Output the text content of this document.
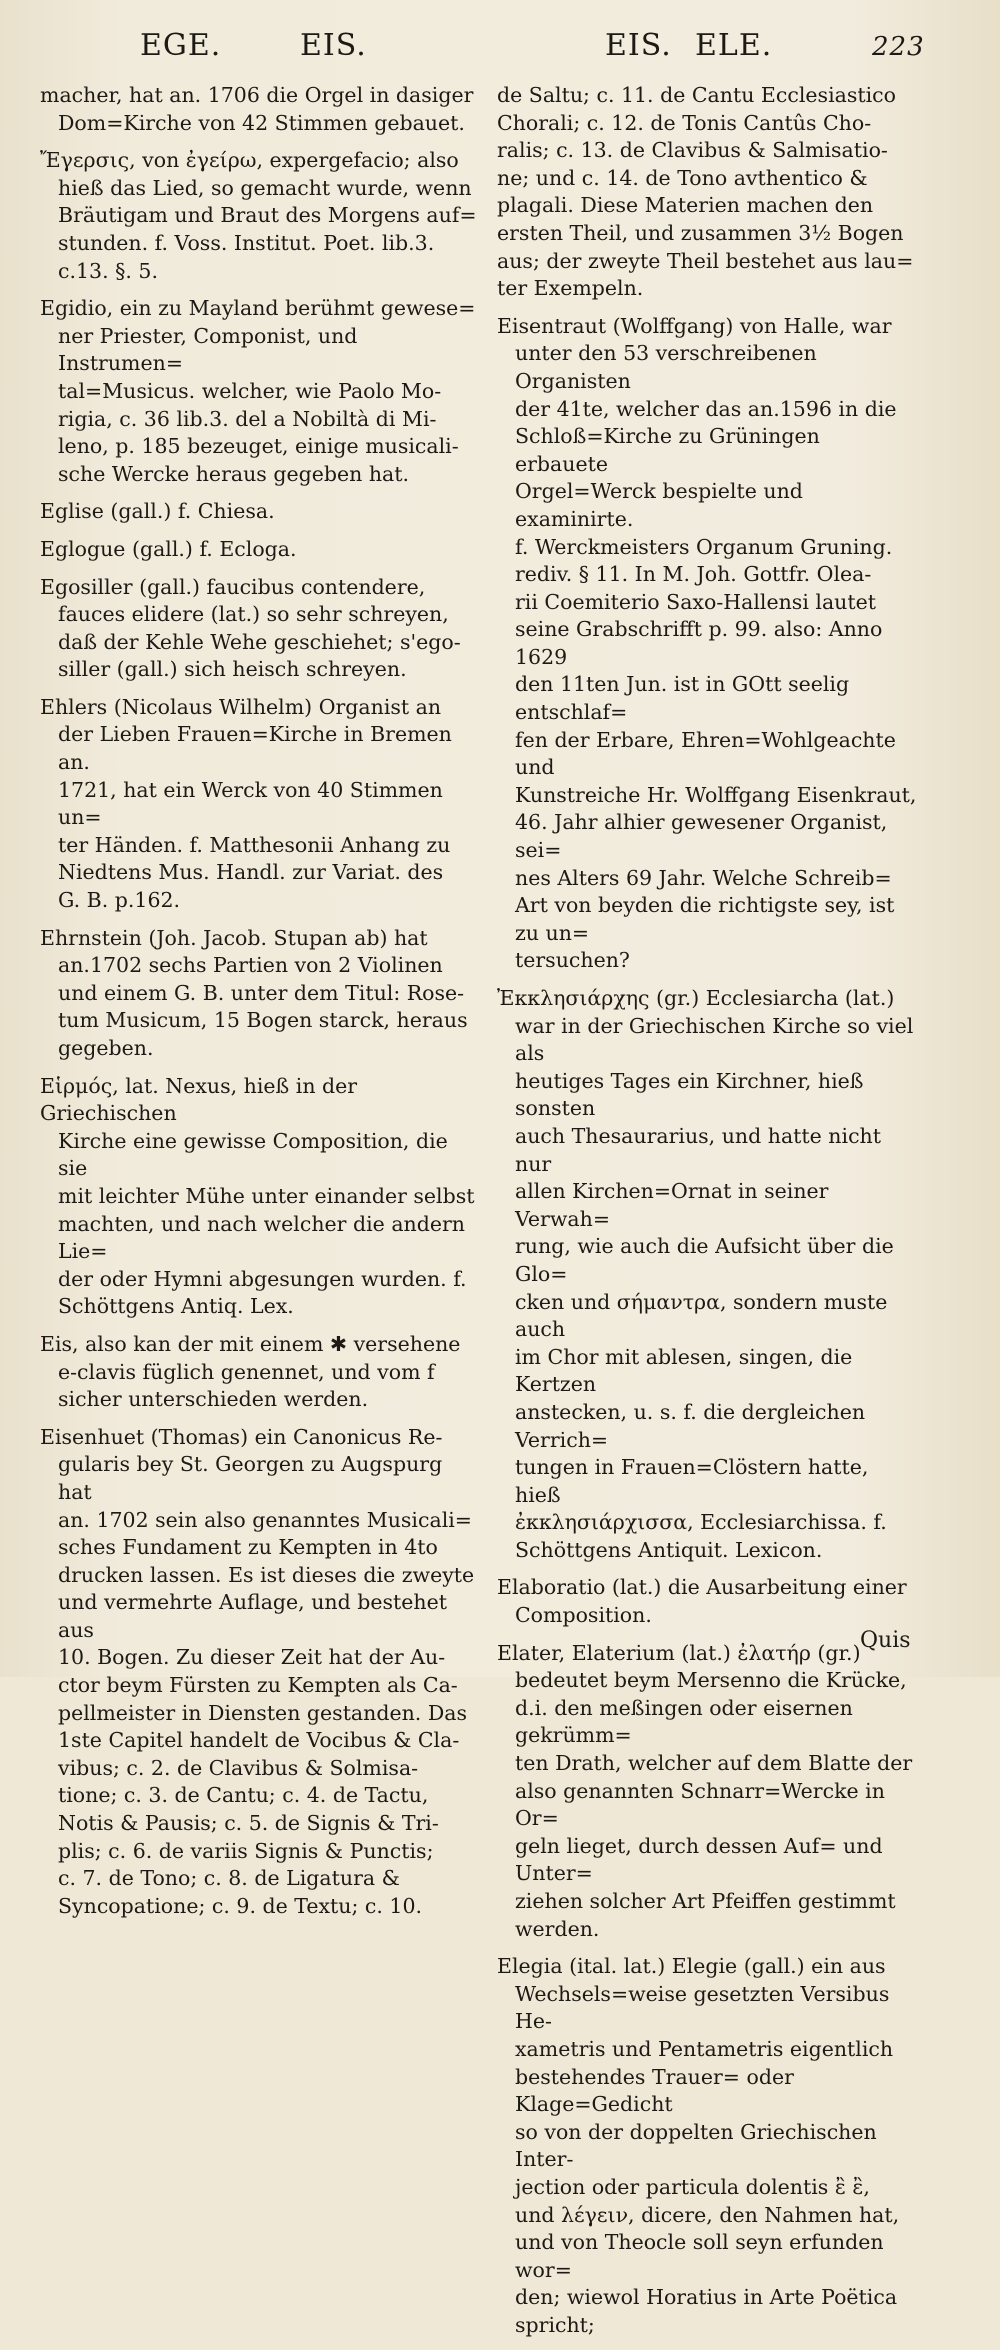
EGE.	EIS.	EIS. ELE.	223

macher, hat an. 1706 die Orgel in dasiger

Dom=Kirche von 42 Stimmen gebauet.

Ἔγερσις, von ἐγείρω, expergefacio; also

hieß das Lied, so gemacht wurde, wenn

Bräutigam und Braut des Morgens auf=

stunden. f. Voss. Institut. Poet. lib.3.

c.13. §. 5.

Egidio, ein zu Mayland berühmt gewese=

ner Priester, Componist, und Instrumen=

tal=Musicus. welcher, wie Paolo Mo-

rigia, c. 36 lib.3. del a Nobiltà di Mi-

leno, p. 185 bezeuget, einige musicali-

sche Wercke heraus gegeben hat.

Eglise (gall.) f. Chiesa.

Eglogue (gall.) f. Ecloga.

Egosiller (gall.) faucibus contendere,

fauces elidere (lat.) so sehr schreyen,

daß der Kehle Wehe geschiehet; s'ego-

siller (gall.) sich heisch schreyen.

Ehlers (Nicolaus Wilhelm) Organist an

der Lieben Frauen=Kirche in Bremen an.

1721, hat ein Werck von 40 Stimmen un=

ter Händen. f. Matthesonii Anhang zu

Niedtens Mus. Handl. zur Variat. des

G. B. p.162.

Ehrnstein (Joh. Jacob. Stupan ab) hat

an.1702 sechs Partien von 2 Violinen

und einem G. B. unter dem Titul: Rose-

tum Musicum, 15 Bogen starck, heraus

gegeben.

Εἱρμός, lat. Nexus, hieß in der Griechischen

Kirche eine gewisse Composition, die sie

mit leichter Mühe unter einander selbst

machten, und nach welcher die andern Lie=

der oder Hymni abgesungen wurden. f.

Schöttgens Antiq. Lex.

Eis, also kan der mit einem ✱ versehene

e-clavis füglich genennet, und vom f

sicher unterschieden werden.

Eisenhuet (Thomas) ein Canonicus Re-

gularis bey St. Georgen zu Augspurg hat

an. 1702 sein also genanntes Musicali=

sches Fundament zu Kempten in 4to

drucken lassen. Es ist dieses die zweyte

und vermehrte Auflage, und bestehet aus

10. Bogen. Zu dieser Zeit hat der Au-

ctor beym Fürsten zu Kempten als Ca-

pellmeister in Diensten gestanden. Das

1ste Capitel handelt de Vocibus & Cla-

vibus; c. 2. de Clavibus & Solmisa-

tione; c. 3. de Cantu; c. 4. de Tactu,

Notis & Pausis; c. 5. de Signis & Tri-

plis; c. 6. de variis Signis & Punctis;

c. 7. de Tono; c. 8. de Ligatura &

Syncopatione; c. 9. de Textu; c. 10.

de Saltu; c. 11. de Cantu Ecclesiastico

Chorali; c. 12. de Tonis Cantûs Cho-

ralis; c. 13. de Clavibus & Salmisatio-

ne; und c. 14. de Tono avthentico &

plagali. Diese Materien machen den

ersten Theil, und zusammen 3½ Bogen

aus; der zweyte Theil bestehet aus lau=

ter Exempeln.

Eisentraut (Wolffgang) von Halle, war

unter den 53 verschreibenen Organisten

der 41te, welcher das an.1596 in die

Schloß=Kirche zu Grüningen erbauete

Orgel=Werck bespielte und examinirte.

f. Werckmeisters Organum Gruning.

rediv. § 11. In M. Joh. Gottfr. Olea-

rii Coemiterio Saxo-Hallensi lautet

seine Grabschrifft p. 99. also: Anno 1629

den 11ten Jun. ist in GOtt seelig entschlaf=

fen der Erbare, Ehren=Wohlgeachte und

Kunstreiche Hr. Wolffgang Eisenkraut,

46. Jahr alhier gewesener Organist, sei=

nes Alters 69 Jahr. Welche Schreib=

Art von beyden die richtigste sey, ist zu un=

tersuchen?

Ἐκκλησιάρχης (gr.) Ecclesiarcha (lat.)

war in der Griechischen Kirche so viel als

heutiges Tages ein Kirchner, hieß sonsten

auch Thesaurarius, und hatte nicht nur

allen Kirchen=Ornat in seiner Verwah=

rung, wie auch die Aufsicht über die Glo=

cken und σήμαντρα, sondern muste auch

im Chor mit ablesen, singen, die Kertzen

anstecken, u. s. f. die dergleichen Verrich=

tungen in Frauen=Clöstern hatte, hieß

ἐκκλησιάρχισσα, Ecclesiarchissa. f.

Schöttgens Antiquit. Lexicon.

Elaboratio (lat.) die Ausarbeitung einer

Composition.

Elater, Elaterium (lat.) ἐλατήρ (gr.)

bedeutet beym Mersenno die Krücke,

d.i. den meßingen oder eisernen gekrümm=

ten Drath, welcher auf dem Blatte der

also genannten Schnarr=Wercke in Or=

geln lieget, durch dessen Auf= und Unter=

ziehen solcher Art Pfeiffen gestimmt

werden.

Elegia (ital. lat.) Elegie (gall.) ein aus

Wechsels=weise gesetzten Versibus He-

xametris und Pentametris eigentlich

bestehendes Trauer= oder Klage=Gedicht

so von der doppelten Griechischen Inter-

jection oder particula dolentis ἒ ἒ,

und λέγειν, dicere, den Nahmen hat,

und von Theocle soll seyn erfunden wor=

den; wiewol Horatius in Arte Poëtica

spricht;

Quis
